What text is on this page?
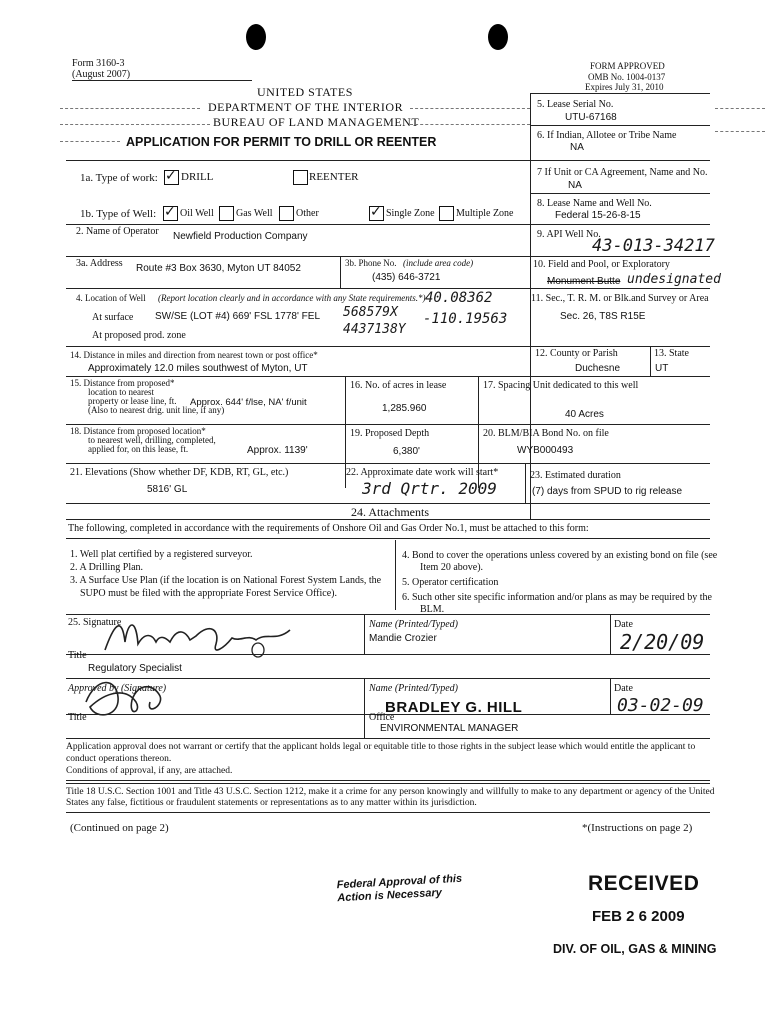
Form 3160-3
(August 2007)
FORM APPROVED
OMB No. 1004-0137
Expires July 31, 2010
UNITED STATES
DEPARTMENT OF THE INTERIOR
BUREAU OF LAND MANAGEMENT
APPLICATION FOR PERMIT TO DRILL OR REENTER
5. Lease Serial No.
UTU-67168
6. If Indian, Allotee or Tribe Name
NA
1a. Type of work: ✓ DRILL	REENTER	7 If Unit or CA Agreement, Name and No.
NA
1b. Type of Well: ✓ Oil Well Gas Well Other ✓	Single Zone Multiple Zone
8. Lease Name and Well No.
Federal 15-26-8-15
2. Name of Operator Newfield Production Company	9. API Well No.
43-013-34217
3a. Address Route #3 Box 3630, Myton UT 84052	3b. Phone No. (include area code)
(435) 646-3721
10. Field and Pool, or Exploratory
Monument Butte undesignated
4. Location of Well (Report location clearly and in accordance with any State requirements.*) 40.08362
At surface SW/SE (LOT #4) 669' FSL 1778' FEL 568579X -110.19563
4437138Y
At proposed prod. zone
11. Sec., T. R. M. or Blk.and Survey or Area
Sec. 26, T8S R15E
14. Distance in miles and direction from nearest town or post office*
Approximately 12.0 miles southwest of Myton, UT
12. County or Parish
Duchesne
13. State
UT
15. Distance from proposed*
location to nearest
property or lease line, ft.
(Also to nearest drig. unit line, if any)
Approx. 644' f/lse, NA' f/unit
16. No. of acres in lease
1,285.960
17. Spacing Unit dedicated to this well
40 Acres
18. Distance from proposed location*
to nearest well, drilling, completed,
applied for, on this lease, ft.	Approx. 1139'
19. Proposed Depth
6,380'
20. BLM/BIA Bond No. on file
WYB000493
21. Elevations (Show whether DF, KDB, RT, GL, etc.)
5816' GL
22. Approximate date work will start*
3rd Qrtr. 2009
23. Estimated duration
(7) days from SPUD to rig release
24. Attachments
The following, completed in accordance with the requirements of Onshore Oil and Gas Order No.1, must be attached to this form:
1. Well plat certified by a registered surveyor.
2. A Drilling Plan.
3. A Surface Use Plan (if the location is on National Forest System Lands, the
SUPO must be filed with the appropriate Forest Service Office).
4. Bond to cover the operations unless covered by an existing bond on file (see
Item 20 above).
5. Operator certification
6. Such other site specific information and/or plans as may be required by the
BLM.
25. Signature	Name (Printed/Typed)
Mandie Crozier
Date
2/20/09
Title
Regulatory Specialist
Approved by (Signature)	Name (Printed/Typed)	Date
03-02-09
BRADLEY G. HILL
Title	Office
ENVIRONMENTAL MANAGER
Application approval does not warrant or certify that the applicant holds legal or equitable title to those rights in the subject lease which would entitle the applicant to
conduct operations thereon.
Conditions of approval, if any, are attached.
Title 18 U.S.C. Section 1001 and Title 43 U.S.C. Section 1212, make it a crime for any person knowingly and willfully to make to any department or agency of the United
States any false, fictitious or fraudulent statements or representations as to any matter within its jurisdiction.
(Continued on page 2)	*(Instructions on page 2)
Federal Approval of this
Action is Necessary
RECEIVED
FEB 2 6 2009
DIV. OF OIL, GAS & MINING
